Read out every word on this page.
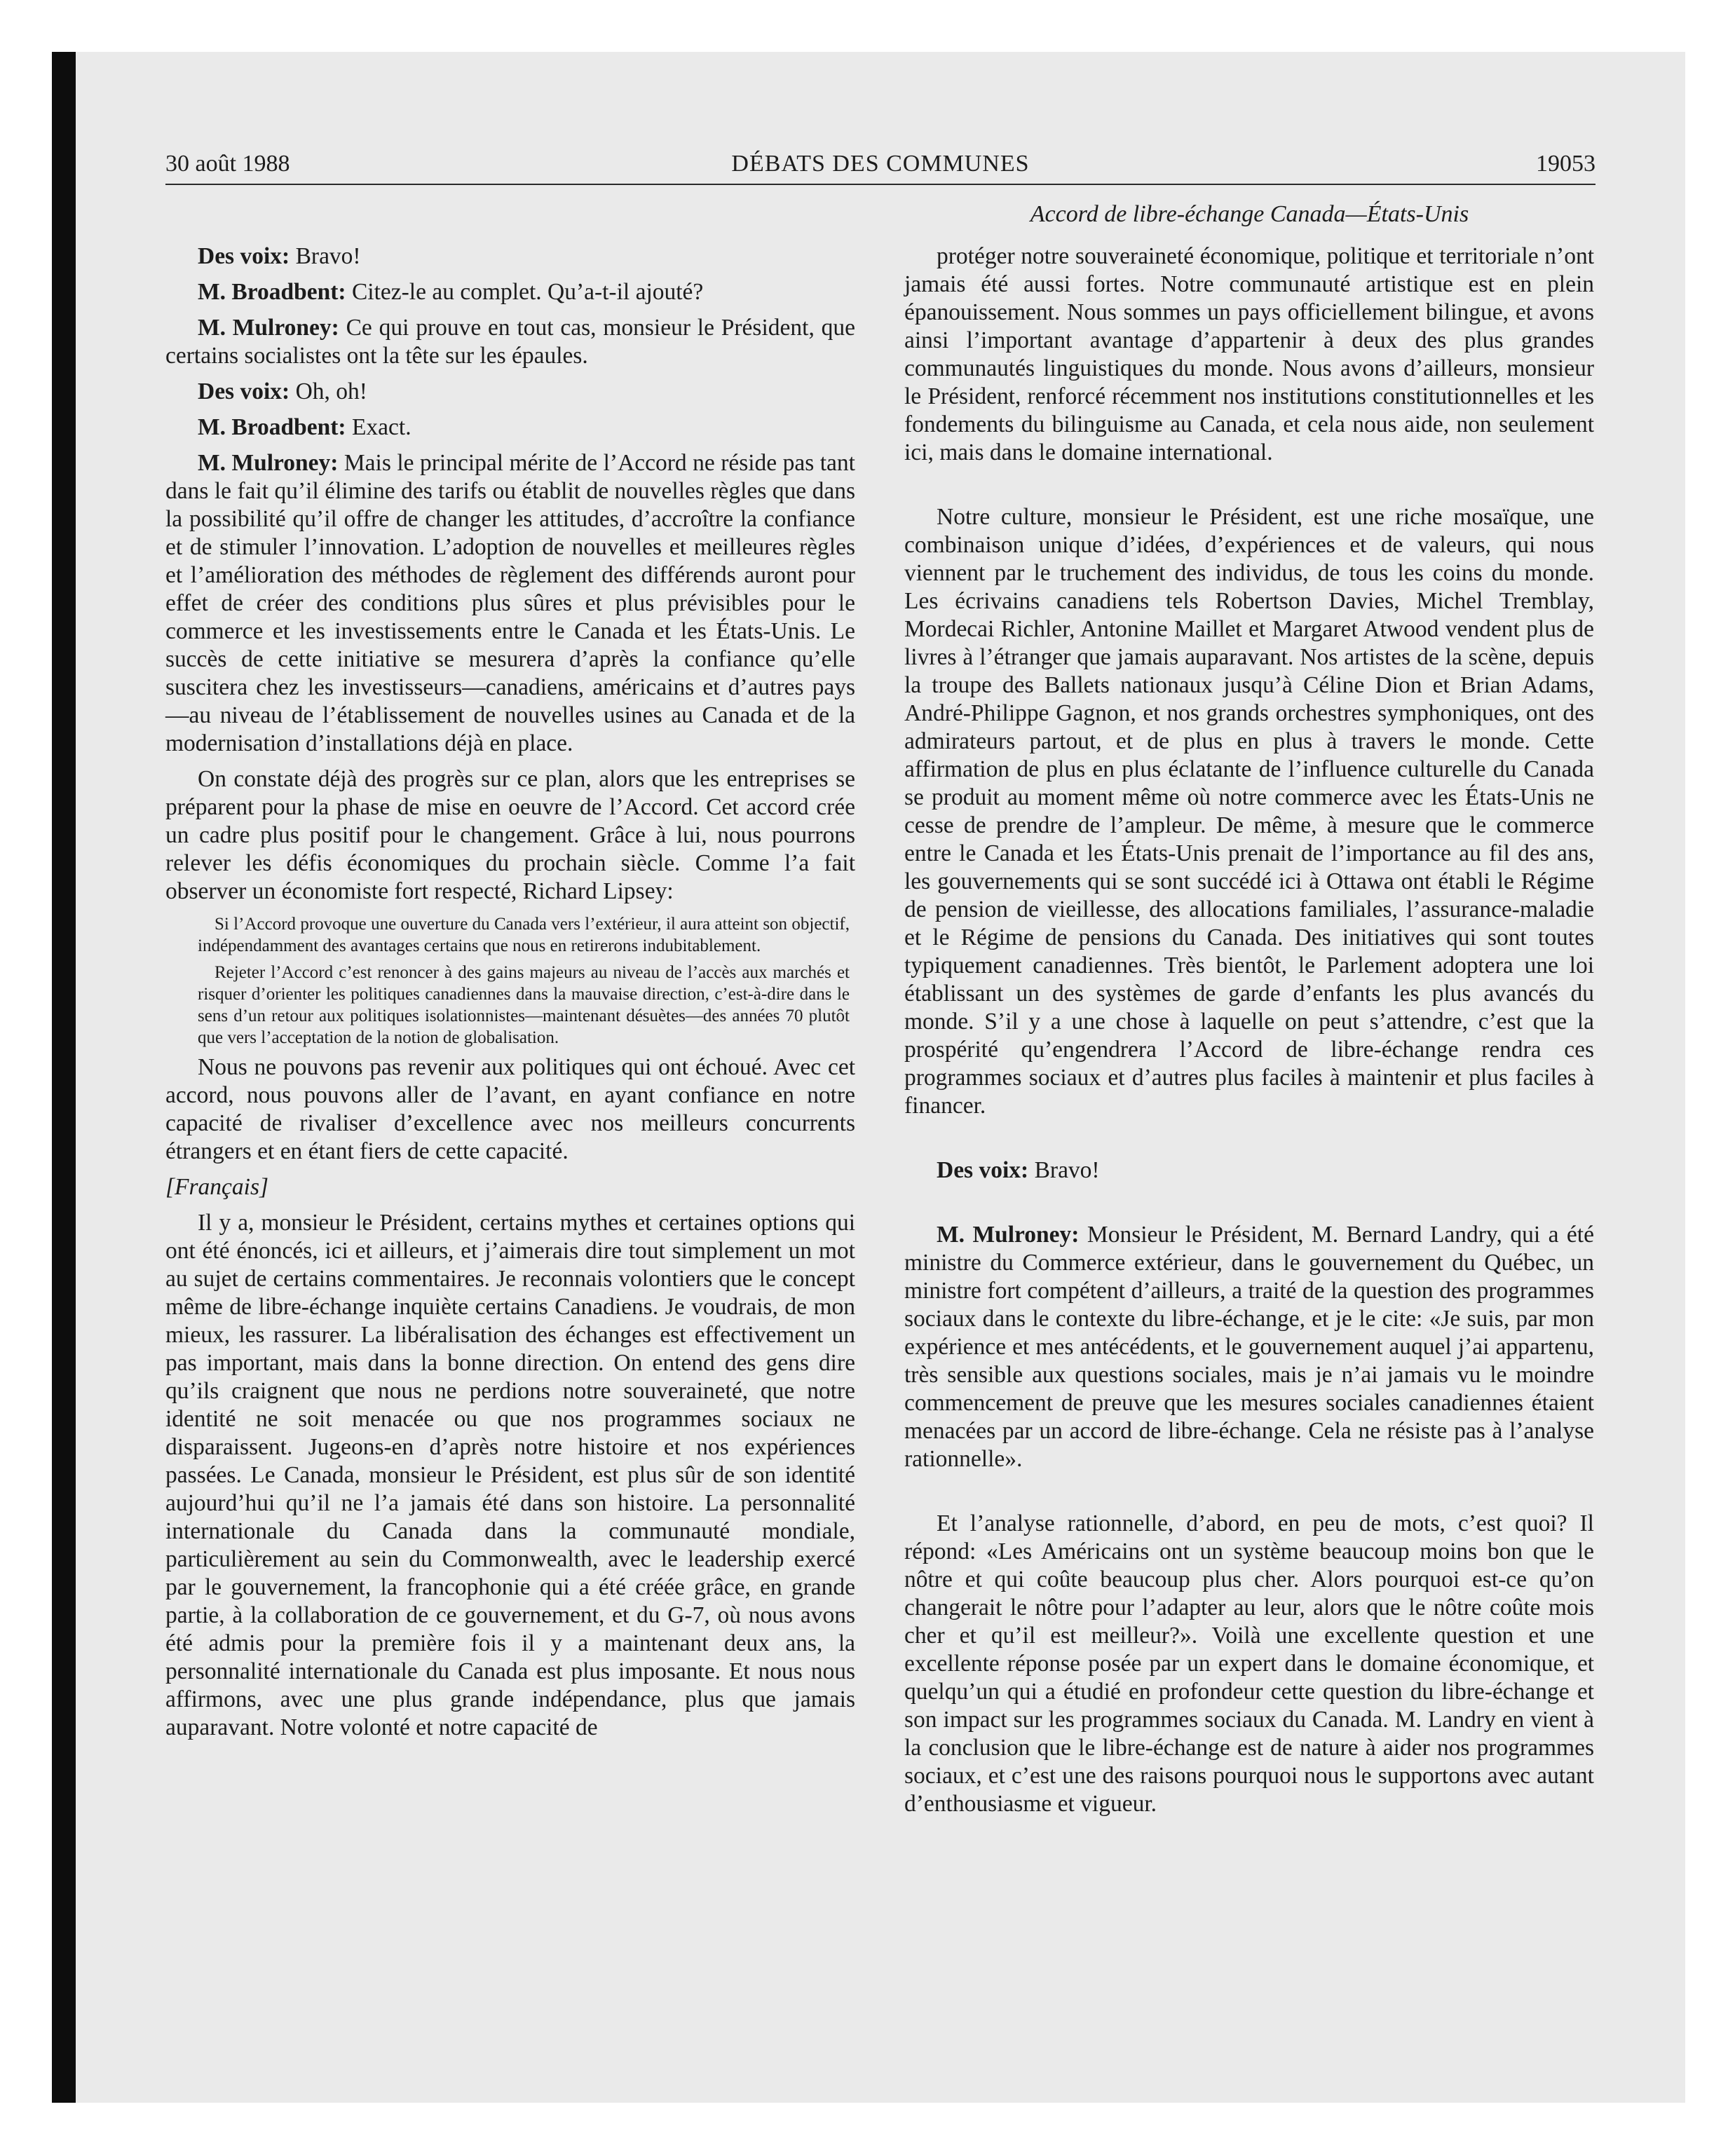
30 août 1988	DÉBATS DES COMMUNES	19053
Accord de libre-échange Canada—États-Unis

Des voix: Bravo!

M. Broadbent: Citez-le au complet. Qu’a-t-il ajouté?

M. Mulroney: Ce qui prouve en tout cas, monsieur le Président, que certains socialistes ont la tête sur les épaules.

Des voix: Oh, oh!

M. Broadbent: Exact.

M. Mulroney: Mais le principal mérite de l’Accord ne réside pas tant dans le fait qu’il élimine des tarifs ou établit de nouvelles règles que dans la possibilité qu’il offre de changer les attitudes, d’accroître la confiance et de stimuler l’innovation. L’adoption de nouvelles et meilleures règles et l’amélioration des méthodes de règlement des différends auront pour effet de créer des conditions plus sûres et plus prévisibles pour le commerce et les investissements entre le Canada et les États-Unis. Le succès de cette initiative se mesurera d’après la confiance qu’elle suscitera chez les investisseurs—canadiens, américains et d’autres pays—au niveau de l’établissement de nouvelles usines au Canada et de la modernisation d’installations déjà en place.

On constate déjà des progrès sur ce plan, alors que les entreprises se préparent pour la phase de mise en oeuvre de l’Accord. Cet accord crée un cadre plus positif pour le changement. Grâce à lui, nous pourrons relever les défis économiques du prochain siècle. Comme l’a fait observer un économiste fort respecté, Richard Lipsey:

Si l’Accord provoque une ouverture du Canada vers l’extérieur, il aura atteint son objectif, indépendamment des avantages certains que nous en retirerons indubitablement.

Rejeter l’Accord c’est renoncer à des gains majeurs au niveau de l’accès aux marchés et risquer d’orienter les politiques canadiennes dans la mauvaise direction, c’est-à-dire dans le sens d’un retour aux politiques isolationnistes—maintenant désuètes—des années 70 plutôt que vers l’acceptation de la notion de globalisation.

Nous ne pouvons pas revenir aux politiques qui ont échoué. Avec cet accord, nous pouvons aller de l’avant, en ayant confiance en notre capacité de rivaliser d’excellence avec nos meilleurs concurrents étrangers et en étant fiers de cette capacité.

[Français]

Il y a, monsieur le Président, certains mythes et certaines options qui ont été énoncés, ici et ailleurs, et j’aimerais dire tout simplement un mot au sujet de certains commentaires. Je reconnais volontiers que le concept même de libre-échange inquiète certains Canadiens. Je voudrais, de mon mieux, les rassurer. La libéralisation des échanges est effectivement un pas important, mais dans la bonne direction. On entend des gens dire qu’ils craignent que nous ne perdions notre souveraineté, que notre identité ne soit menacée ou que nos programmes sociaux ne disparaissent. Jugeons-en d’après notre histoire et nos expériences passées. Le Canada, monsieur le Président, est plus sûr de son identité aujourd’hui qu’il ne l’a jamais été dans son histoire. La personnalité internationale du Canada dans la communauté mondiale, particulièrement au sein du Commonwealth, avec le leadership exercé par le gouvernement, la francophonie qui a été créée grâce, en grande partie, à la collaboration de ce gouvernement, et du G-7, où nous avons été admis pour la première fois il y a maintenant deux ans, la personnalité internationale du Canada est plus imposante. Et nous nous affirmons, avec une plus grande indépendance, plus que jamais auparavant. Notre volonté et notre capacité de

protéger notre souveraineté économique, politique et territoriale n’ont jamais été aussi fortes. Notre communauté artistique est en plein épanouissement. Nous sommes un pays officiellement bilingue, et avons ainsi l’important avantage d’appartenir à deux des plus grandes communautés linguistiques du monde. Nous avons d’ailleurs, monsieur le Président, renforcé récemment nos institutions constitutionnelles et les fondements du bilinguisme au Canada, et cela nous aide, non seulement ici, mais dans le domaine international.

Notre culture, monsieur le Président, est une riche mosaïque, une combinaison unique d’idées, d’expériences et de valeurs, qui nous viennent par le truchement des individus, de tous les coins du monde. Les écrivains canadiens tels Robertson Davies, Michel Tremblay, Mordecai Richler, Antonine Maillet et Margaret Atwood vendent plus de livres à l’étranger que jamais auparavant. Nos artistes de la scène, depuis la troupe des Ballets nationaux jusqu’à Céline Dion et Brian Adams, André-Philippe Gagnon, et nos grands orchestres symphoniques, ont des admirateurs partout, et de plus en plus à travers le monde. Cette affirmation de plus en plus éclatante de l’influence culturelle du Canada se produit au moment même où notre commerce avec les États-Unis ne cesse de prendre de l’ampleur. De même, à mesure que le commerce entre le Canada et les États-Unis prenait de l’importance au fil des ans, les gouvernements qui se sont succédé ici à Ottawa ont établi le Régime de pension de vieillesse, des allocations familiales, l’assurance-maladie et le Régime de pensions du Canada. Des initiatives qui sont toutes typiquement canadiennes. Très bientôt, le Parlement adoptera une loi établissant un des systèmes de garde d’enfants les plus avancés du monde. S’il y a une chose à laquelle on peut s’attendre, c’est que la prospérité qu’engendrera l’Accord de libre-échange rendra ces programmes sociaux et d’autres plus faciles à maintenir et plus faciles à financer.

Des voix: Bravo!

M. Mulroney: Monsieur le Président, M. Bernard Landry, qui a été ministre du Commerce extérieur, dans le gouvernement du Québec, un ministre fort compétent d’ailleurs, a traité de la question des programmes sociaux dans le contexte du libre-échange, et je le cite: «Je suis, par mon expérience et mes antécédents, et le gouvernement auquel j’ai appartenu, très sensible aux questions sociales, mais je n’ai jamais vu le moindre commencement de preuve que les mesures sociales canadiennes étaient menacées par un accord de libre-échange. Cela ne résiste pas à l’analyse rationnelle».

Et l’analyse rationnelle, d’abord, en peu de mots, c’est quoi? Il répond: «Les Américains ont un système beaucoup moins bon que le nôtre et qui coûte beaucoup plus cher. Alors pourquoi est-ce qu’on changerait le nôtre pour l’adapter au leur, alors que le nôtre coûte mois cher et qu’il est meilleur?». Voilà une excellente question et une excellente réponse posée par un expert dans le domaine économique, et quelqu’un qui a étudié en profondeur cette question du libre-échange et son impact sur les programmes sociaux du Canada. M. Landry en vient à la conclusion que le libre-échange est de nature à aider nos programmes sociaux, et c’est une des raisons pourquoi nous le supportons avec autant d’enthousiasme et vigueur.
